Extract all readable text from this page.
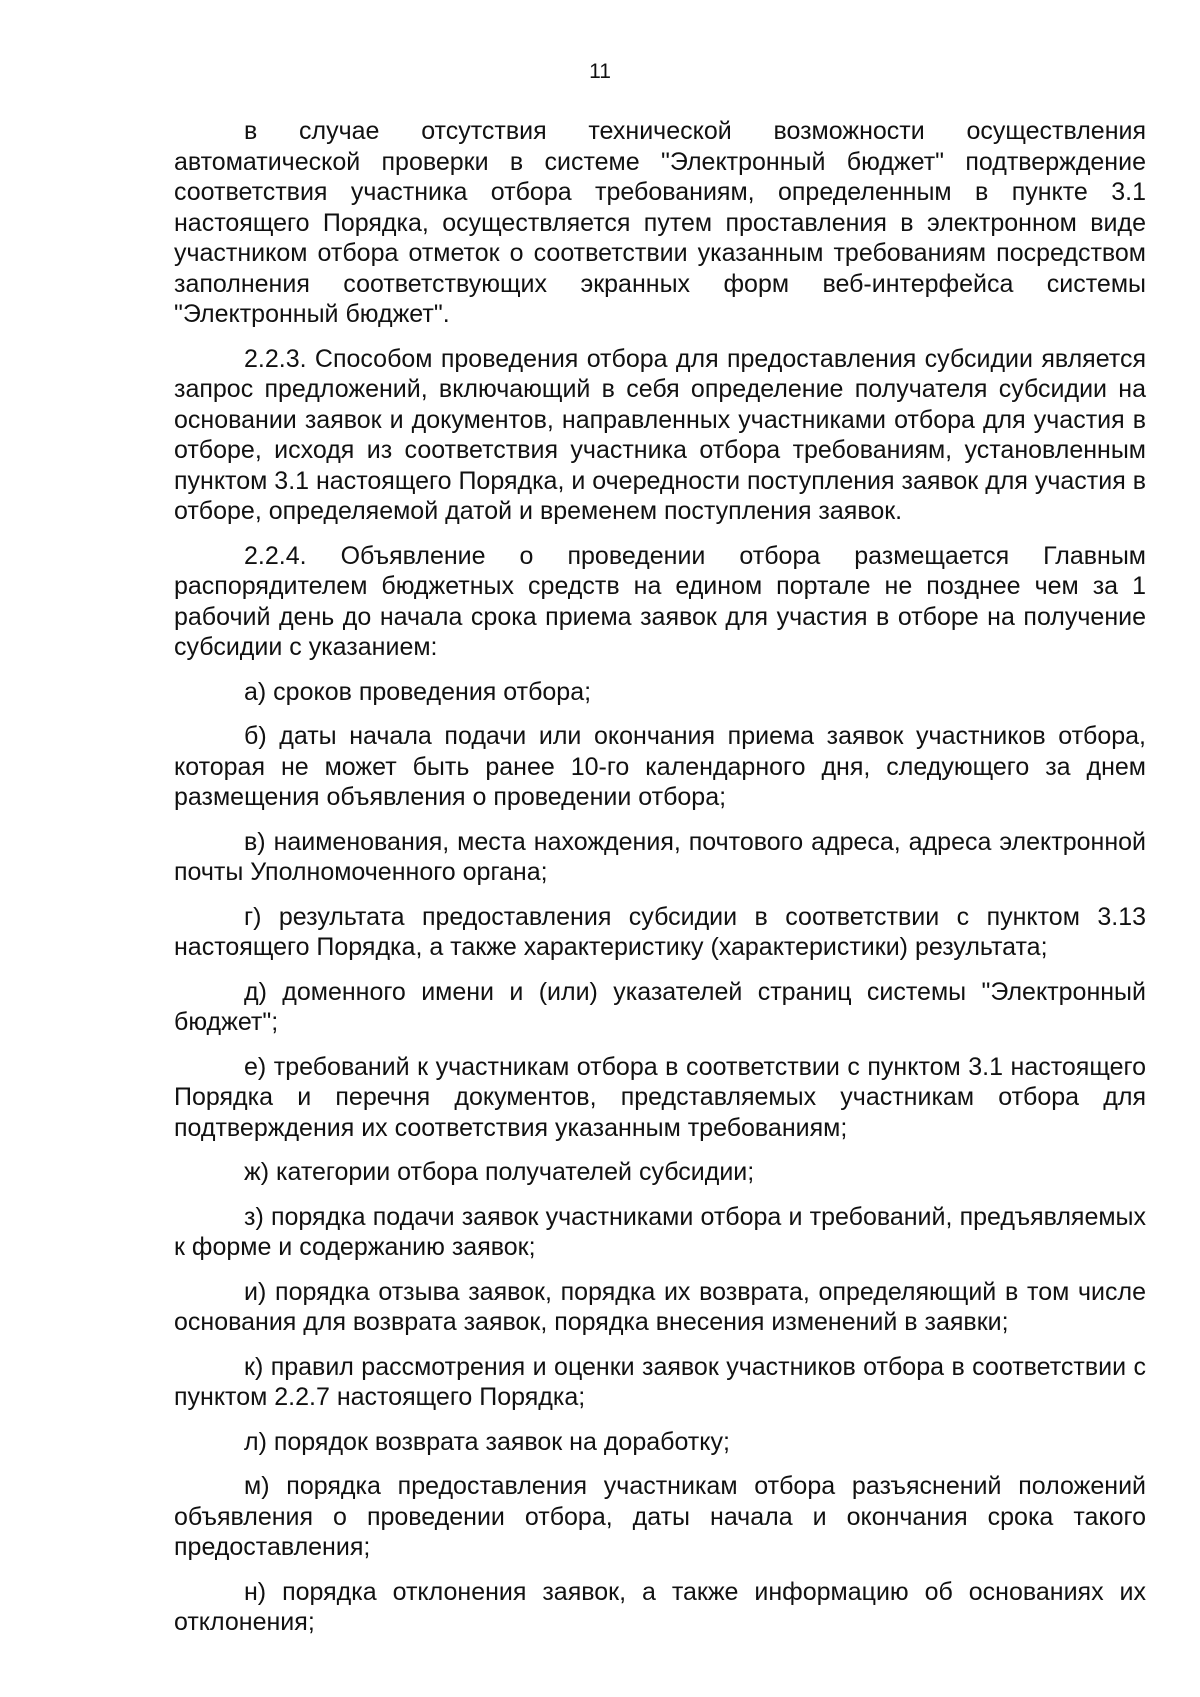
11

в случае отсутствия технической возможности осуществления автоматической проверки в системе "Электронный бюджет" подтверждение соответствия участника отбора требованиям, определенным в пункте 3.1 настоящего Порядка, осуществляется путем проставления в электронном виде участником отбора отметок о соответствии указанным требованиям посредством заполнения соответствующих экранных форм веб-интерфейса системы "Электронный бюджет".

2.2.3. Способом проведения отбора для предоставления субсидии является запрос предложений, включающий в себя определение получателя субсидии на основании заявок и документов, направленных участниками отбора для участия в отборе, исходя из соответствия участника отбора требованиям, установленным пунктом 3.1 настоящего Порядка, и очередности поступления заявок для участия в отборе, определяемой датой и временем поступления заявок.

2.2.4. Объявление о проведении отбора размещается Главным распорядителем бюджетных средств на едином портале не позднее чем за 1 рабочий день до начала срока приема заявок для участия в отборе на получение субсидии с указанием:

а) сроков проведения отбора;

б) даты начала подачи или окончания приема заявок участников отбора, которая не может быть ранее 10-го календарного дня, следующего за днем размещения объявления о проведении отбора;

в) наименования, места нахождения, почтового адреса, адреса электронной почты Уполномоченного органа;

г) результата предоставления субсидии в соответствии с пунктом 3.13 настоящего Порядка, а также характеристику (характеристики) результата;

д) доменного имени и (или) указателей страниц системы "Электронный бюджет";

е) требований к участникам отбора в соответствии с пунктом 3.1 настоящего Порядка и перечня документов, представляемых участникам отбора для подтверждения их соответствия указанным требованиям;

ж) категории отбора получателей субсидии;

з) порядка подачи заявок участниками отбора и требований, предъявляемых к форме и содержанию заявок;

и) порядка отзыва заявок, порядка их возврата, определяющий в том числе основания для возврата заявок, порядка внесения изменений в заявки;

к) правил рассмотрения и оценки заявок участников отбора в соответствии с пунктом 2.2.7 настоящего Порядка;

л) порядок возврата заявок на доработку;

м) порядка предоставления участникам отбора разъяснений положений объявления о проведении отбора, даты начала и окончания срока такого предоставления;

н) порядка отклонения заявок, а также информацию об основаниях их отклонения;
